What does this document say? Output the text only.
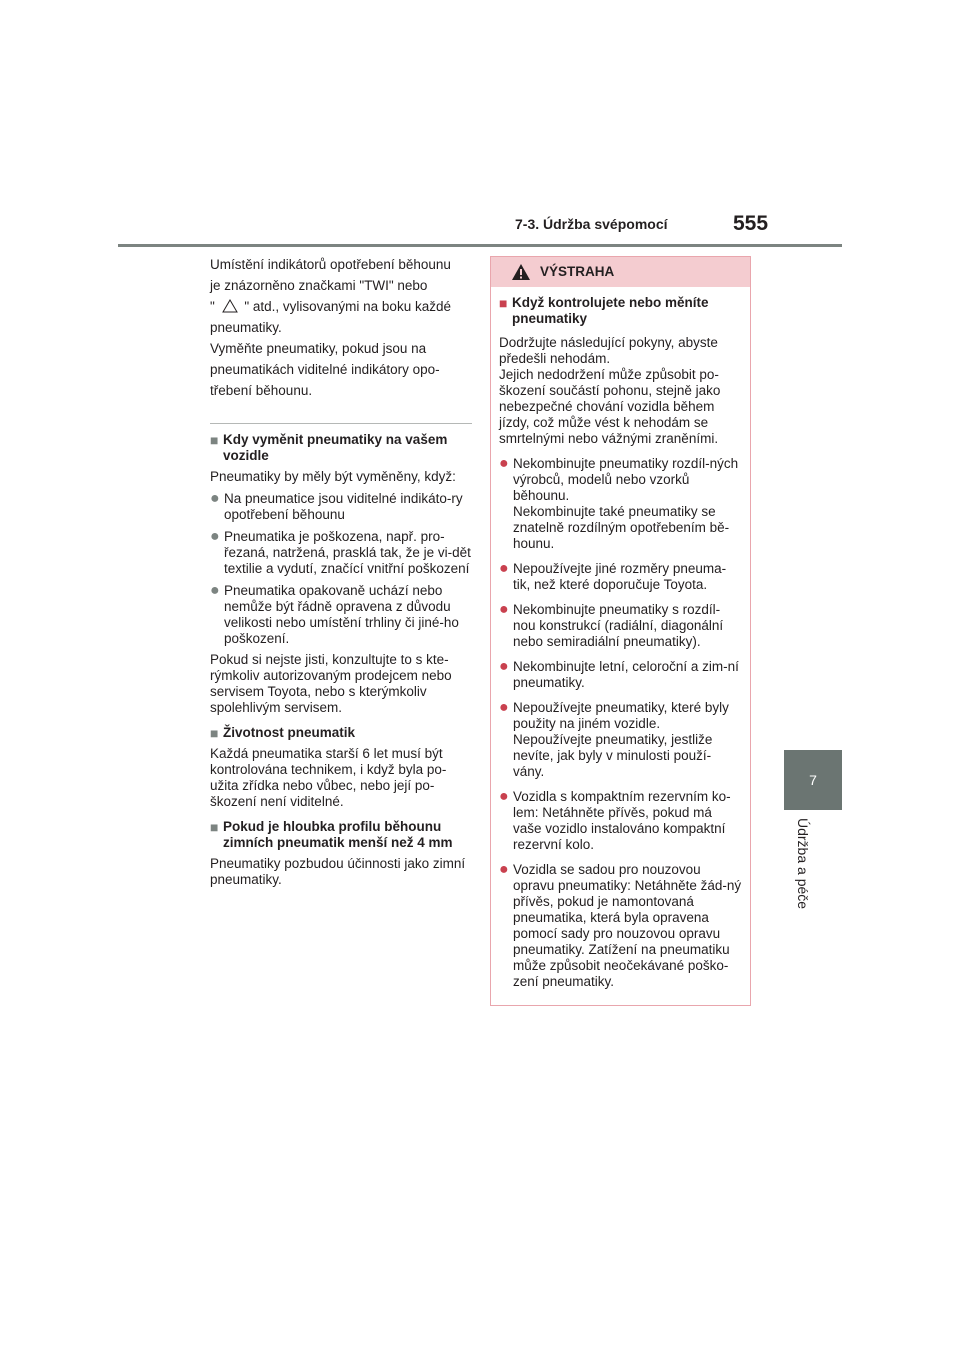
7-3. Údržba svépomocí	555
7
Údržba a péče

Umístění indikátorů opotřebení běhounu

je znázorněno značkami "TWI" nebo

" " atd., vylisovanými na boku každé

pneumatiky.

Vyměňte pneumatiky, pokud jsou na

pneumatikách viditelné indikátory opo-

třebení běhounu.

■ Kdy vyměnit pneumatiky na vašem vozidle

Pneumatiky by měly být vyměněny, když:

● Na pneumatice jsou viditelné indikáto-ry opotřebení běhounu
● Pneumatika je poškozena, např. pro-řezaná, natržená, prasklá tak, že je vi-dět textilie a vydutí, značící vnitřní poškození
● Pneumatika opakovaně uchází nebo nemůže být řádně opravena z důvodu velikosti nebo umístění trhliny či jiné-ho poškození.

Pokud si nejste jisti, konzultujte to s kte-rýmkoliv autorizovaným prodejcem nebo servisem Toyota, nebo s kterýmkoliv spolehlivým servisem.

■ Životnost pneumatik

Každá pneumatika starší 6 let musí být kontrolována technikem, i když byla po-užita zřídka nebo vůbec, nebo její po-škození není viditelné.

■ Pokud je hloubka profilu běhounu zimních pneumatik menší než 4 mm

Pneumatiky pozbudou účinnosti jako zimní pneumatiky.

VÝSTRAHA
■ Když kontrolujete nebo měníte pneumatiky

Dodržujte následující pokyny, abyste předešli nehodám.

Jejich nedodržení může způsobit po-škození součástí pohonu, stejně jako nebezpečné chování vozidla během jízdy, což může vést k nehodám se smrtelnými nebo vážnými zraněními.

● Nekombinujte pneumatiky rozdíl-ných výrobců, modelů nebo vzorků běhounu.
Nekombinujte také pneumatiky se znatelně rozdílným opotřebením bě-hounu.
● Nepoužívejte jiné rozměry pneuma-tik, než které doporučuje Toyota.
● Nekombinujte pneumatiky s rozdíl-nou konstrukcí (radiální, diagonální nebo semiradiální pneumatiky).
● Nekombinujte letní, celoroční a zim-ní pneumatiky.
● Nepoužívejte pneumatiky, které byly použity na jiném vozidle.
Nepoužívejte pneumatiky, jestliže nevíte, jak byly v minulosti použí-vány.
● Vozidla s kompaktním rezervním ko-lem: Netáhněte přívěs, pokud má vaše vozidlo instalováno kompaktní rezervní kolo.
● Vozidla se sadou pro nouzovou opravu pneumatiky: Netáhněte žád-ný přívěs, pokud je namontovaná pneumatika, která byla opravena pomocí sady pro nouzovou opravu pneumatiky. Zatížení na pneumatiku může způsobit neočekávané poško-zení pneumatiky.
